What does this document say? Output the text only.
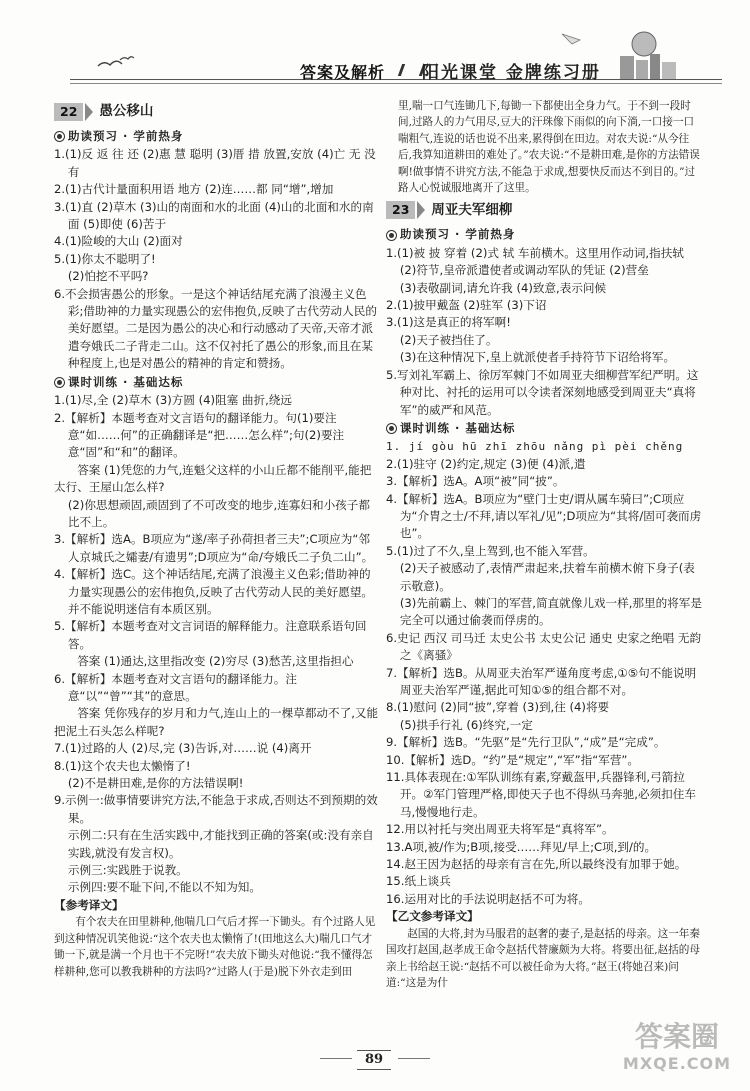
答案及解析 阳光课堂 金牌练习册
22	愚公移山
助读预习 · 学前热身

1.(1)反 返 往 还 (2)惠 慧 聪明 (3)厝 措 放置,安放 (4)亡 无 没有

2.(1)古代计量面积用语 地方 (2)连……都 同“增”,增加

3.(1)直 (2)草木 (3)山的南面和水的北面 (4)山的北面和水的南面 (5)即使 (6)苦于

4.(1)险峻的大山 (2)面对

5.(1)你太不聪明了!

(2)怕挖不平吗?

6.不会损害愚公的形象。一是这个神话结尾充满了浪漫主义色彩;借助神的力量实现愚公的宏伟抱负,反映了古代劳动人民的美好愿望。二是因为愚公的决心和行动感动了天帝,天帝才派遣夸娥氏二子背走二山。这不仅衬托了愚公的形象,而且在某种程度上,也是对愚公的精神的肯定和赞扬。

课时训练 · 基础达标

1.(1)尽,全 (2)草木 (3)方圆 (4)阻塞 曲折,绕远

2.【解析】本题考查对文言语句的翻译能力。句(1)要注意“如……何”的正确翻译是“把……怎么样”;句(2)要注意“固”和“和”的翻译。

答案 (1)凭您的力气,连魁父这样的小山丘都不能削平,能把太行、王屋山怎么样?

(2)你思想顽固,顽固到了不可改变的地步,连寡妇和小孩子都比不上。

3.【解析】选A。B项应为“遂/率子孙荷担者三夫”;C项应为“邻人京城氏之孀妻/有遗男”;D项应为“命/夸娥氏二子负二山”。

4.【解析】选C。这个神话结尾,充满了浪漫主义色彩;借助神的力量实现愚公的宏伟抱负,反映了古代劳动人民的美好愿望。并不能说明迷信有本质区别。

5.【解析】本题考查对文言词语的解释能力。注意联系语句回答。

答案 (1)通达,这里指改变 (2)穷尽 (3)愁苦,这里指担心

6.【解析】本题考查对文言语句的翻译能力。注意“以”“曾”“其”的意思。

答案 凭你残存的岁月和力气,连山上的一棵草都动不了,又能把泥土石头怎么样呢?

7.(1)过路的人 (2)尽,完 (3)告诉,对……说 (4)离开

8.(1)这个农夫也太懒惰了!

(2)不是耕田难,是你的方法错误啊!

9.示例一:做事情要讲究方法,不能急于求成,否则达不到预期的效果。

示例二:只有在生活实践中,才能找到正确的答案(或:没有亲自实践,就没有发言权)。

示例三:实践胜于说教。

示例四:要不耻下问,不能以不知为知。

【参考译文】

有个农夫在田里耕种,他喘几口气后才挥一下锄头。有个过路人见到这种情况讥笑他说:“这个农夫也太懒惰了!(田地这么大)喘几口气才锄一下,就是满一个月也干不完呀!”农夫放下锄头对他说:“我不懂得怎样耕种,您可以教我耕种的方法吗?”过路人(于是)脱下外衣走到田

里,喘一口气连锄几下,每锄一下都使出全身力气。于不到一段时间,过路人的力气用尽,豆大的汗珠像下雨似的向下淌,一口接一口喘粗气,连说的话也说不出来,累得倒在田边。对农夫说:“从今往后,我算知道耕田的难处了。”农夫说:“不是耕田难,是你的方法错误啊!做事情不讲究方法,不能急于求成,想要快反而达不到目的。”过路人心悦诚服地离开了这里。

23	周亚夫军细柳
助读预习 · 学前热身

1.(1)被 披 穿着 (2)式 轼 车前横木。这里用作动词,指扶轼

(2)符节,皇帝派遣使者或调动军队的凭证 (2)营垒

(3)表敬副词,请允许我 (4)致意,表示问候

2.(1)披甲戴盔 (2)驻军 (3)下诏

3.(1)这是真正的将军啊!

(2)天子被挡住了。

(3)在这种情况下,皇上就派使者手持符节下诏给将军。

5.写刘礼军霸上、徐厉军棘门不如周亚夫细柳营军纪严明。这种对比、衬托的运用可以令读者深刻地感受到周亚夫“真将军”的威严和风范。

课时训练 · 基础达标

1. jí gòu hū zhī zhōu nǎng pì pèi chěng

2.(1)驻守 (2)约定,规定 (3)便 (4)派,遣

3.【解析】选A。A项“被”同“披”。

4.【解析】选A。B项应为“壁门士吏/谓从属车骑曰”;C项应为“介胄之士/不拜,请以军礼/见”;D项应为“其将/固可袭而虏也”。

5.(1)过了不久,皇上驾到,也不能入军营。

(2)天子被感动了,表情严肃起来,扶着车前横木俯下身子(表示敬意)。

(3)先前霸上、棘门的军营,简直就像儿戏一样,那里的将军是完全可以通过偷袭而俘虏的。

6.史记 西汉 司马迁 太史公书 太史公记 通史 史家之绝唱 无韵之《离骚》

7.【解析】选B。从周亚夫治军严谨角度考虑,①⑤句不能说明周亚夫治军严谨,据此可知①⑤的组合都不对。

8.(1)慰问 (2)同“披”,穿着 (3)到,往 (4)将要

(5)拱手行礼 (6)终究,一定

9.【解析】选B。“先驱”是“先行卫队”,“成”是“完成”。

10.【解析】选D。“约”是“规定”,“军”指“军营”。

11.具体表现在:①军队训练有素,穿戴盔甲,兵器锋利,弓箭拉开。②军门管理严格,即使天子也不得纵马奔驰,必须扣住车马,慢慢地行走。

12.用以衬托与突出周亚夫将军是“真将军”。

13.A项,被/作为;B项,接受……拜见/早上;C项,到/的。

14.赵王因为赵括的母亲有言在先,所以最终没有加罪于她。

15.纸上谈兵

16.运用对比的手法说明赵括不可为将。

【乙文参考译文】

赵国的大将,封为马服君的赵奢的妻子,是赵括的母亲。这一年秦国攻打赵国,赵孝成王命令赵括代替廉颇为大将。将要出征,赵括的母亲上书给赵王说:“赵括不可以被任命为大将。”赵王(将她召来)问道:“这是为什

89
答案圈
MXQE.COM
